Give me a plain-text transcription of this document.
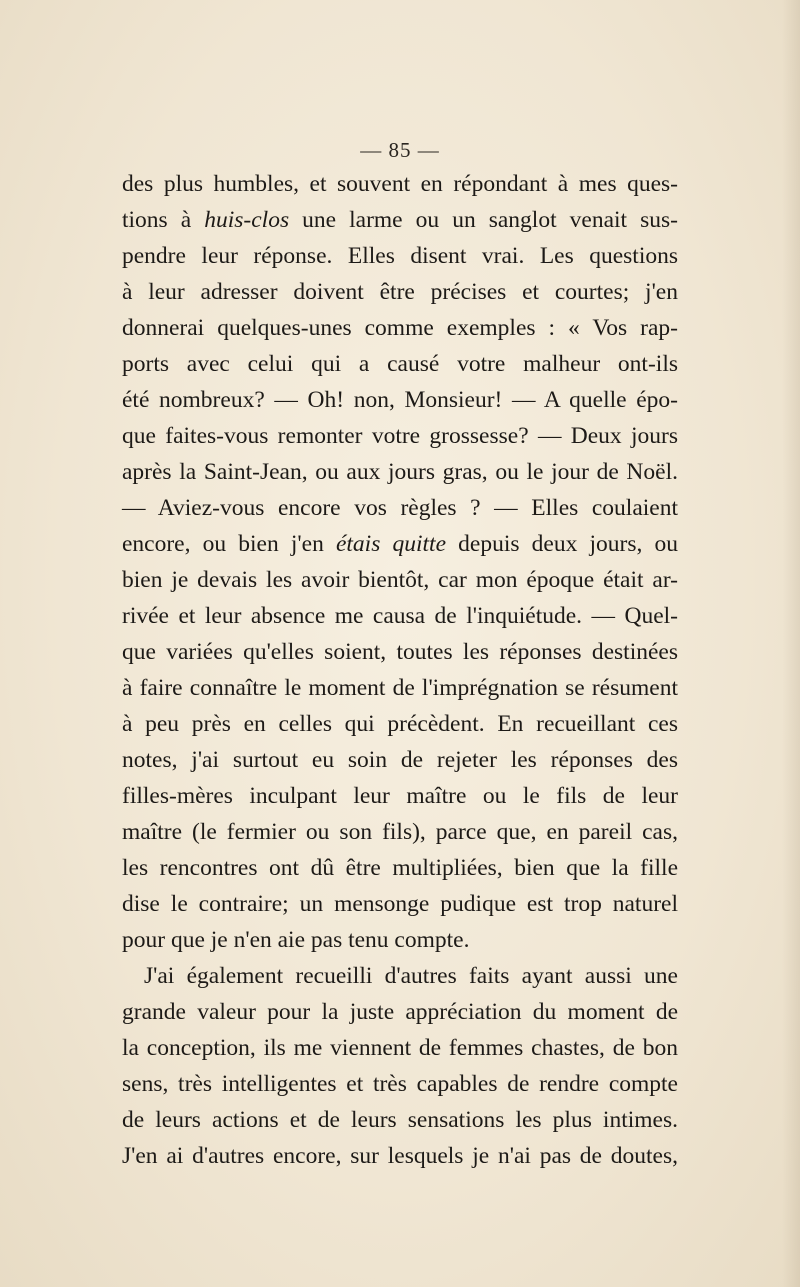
— 85 —
des plus humbles, et souvent en répondant à mes ques-
tions à huis-clos une larme ou un sanglot venait sus-
pendre leur réponse. Elles disent vrai. Les questions
à leur adresser doivent être précises et courtes; j'en
donnerai quelques-unes comme exemples : « Vos rap-
ports avec celui qui a causé votre malheur ont-ils
été nombreux? — Oh! non, Monsieur! — A quelle épo-
que faites-vous remonter votre grossesse? — Deux jours
après la Saint-Jean, ou aux jours gras, ou le jour de Noël.
— Aviez-vous encore vos règles ? — Elles coulaient
encore, ou bien j'en étais quitte depuis deux jours, ou
bien je devais les avoir bientôt, car mon époque était ar-
rivée et leur absence me causa de l'inquiétude. — Quel-
que variées qu'elles soient, toutes les réponses destinées
à faire connaître le moment de l'imprégnation se résument
à peu près en celles qui précèdent. En recueillant ces
notes, j'ai surtout eu soin de rejeter les réponses des
filles-mères inculpant leur maître ou le fils de leur
maître (le fermier ou son fils), parce que, en pareil cas,
les rencontres ont dû être multipliées, bien que la fille
dise le contraire; un mensonge pudique est trop naturel
pour que je n'en aie pas tenu compte.
J'ai également recueilli d'autres faits ayant aussi une
grande valeur pour la juste appréciation du moment de
la conception, ils me viennent de femmes chastes, de bon
sens, très intelligentes et très capables de rendre compte
de leurs actions et de leurs sensations les plus intimes.
J'en ai d'autres encore, sur lesquels je n'ai pas de doutes,
